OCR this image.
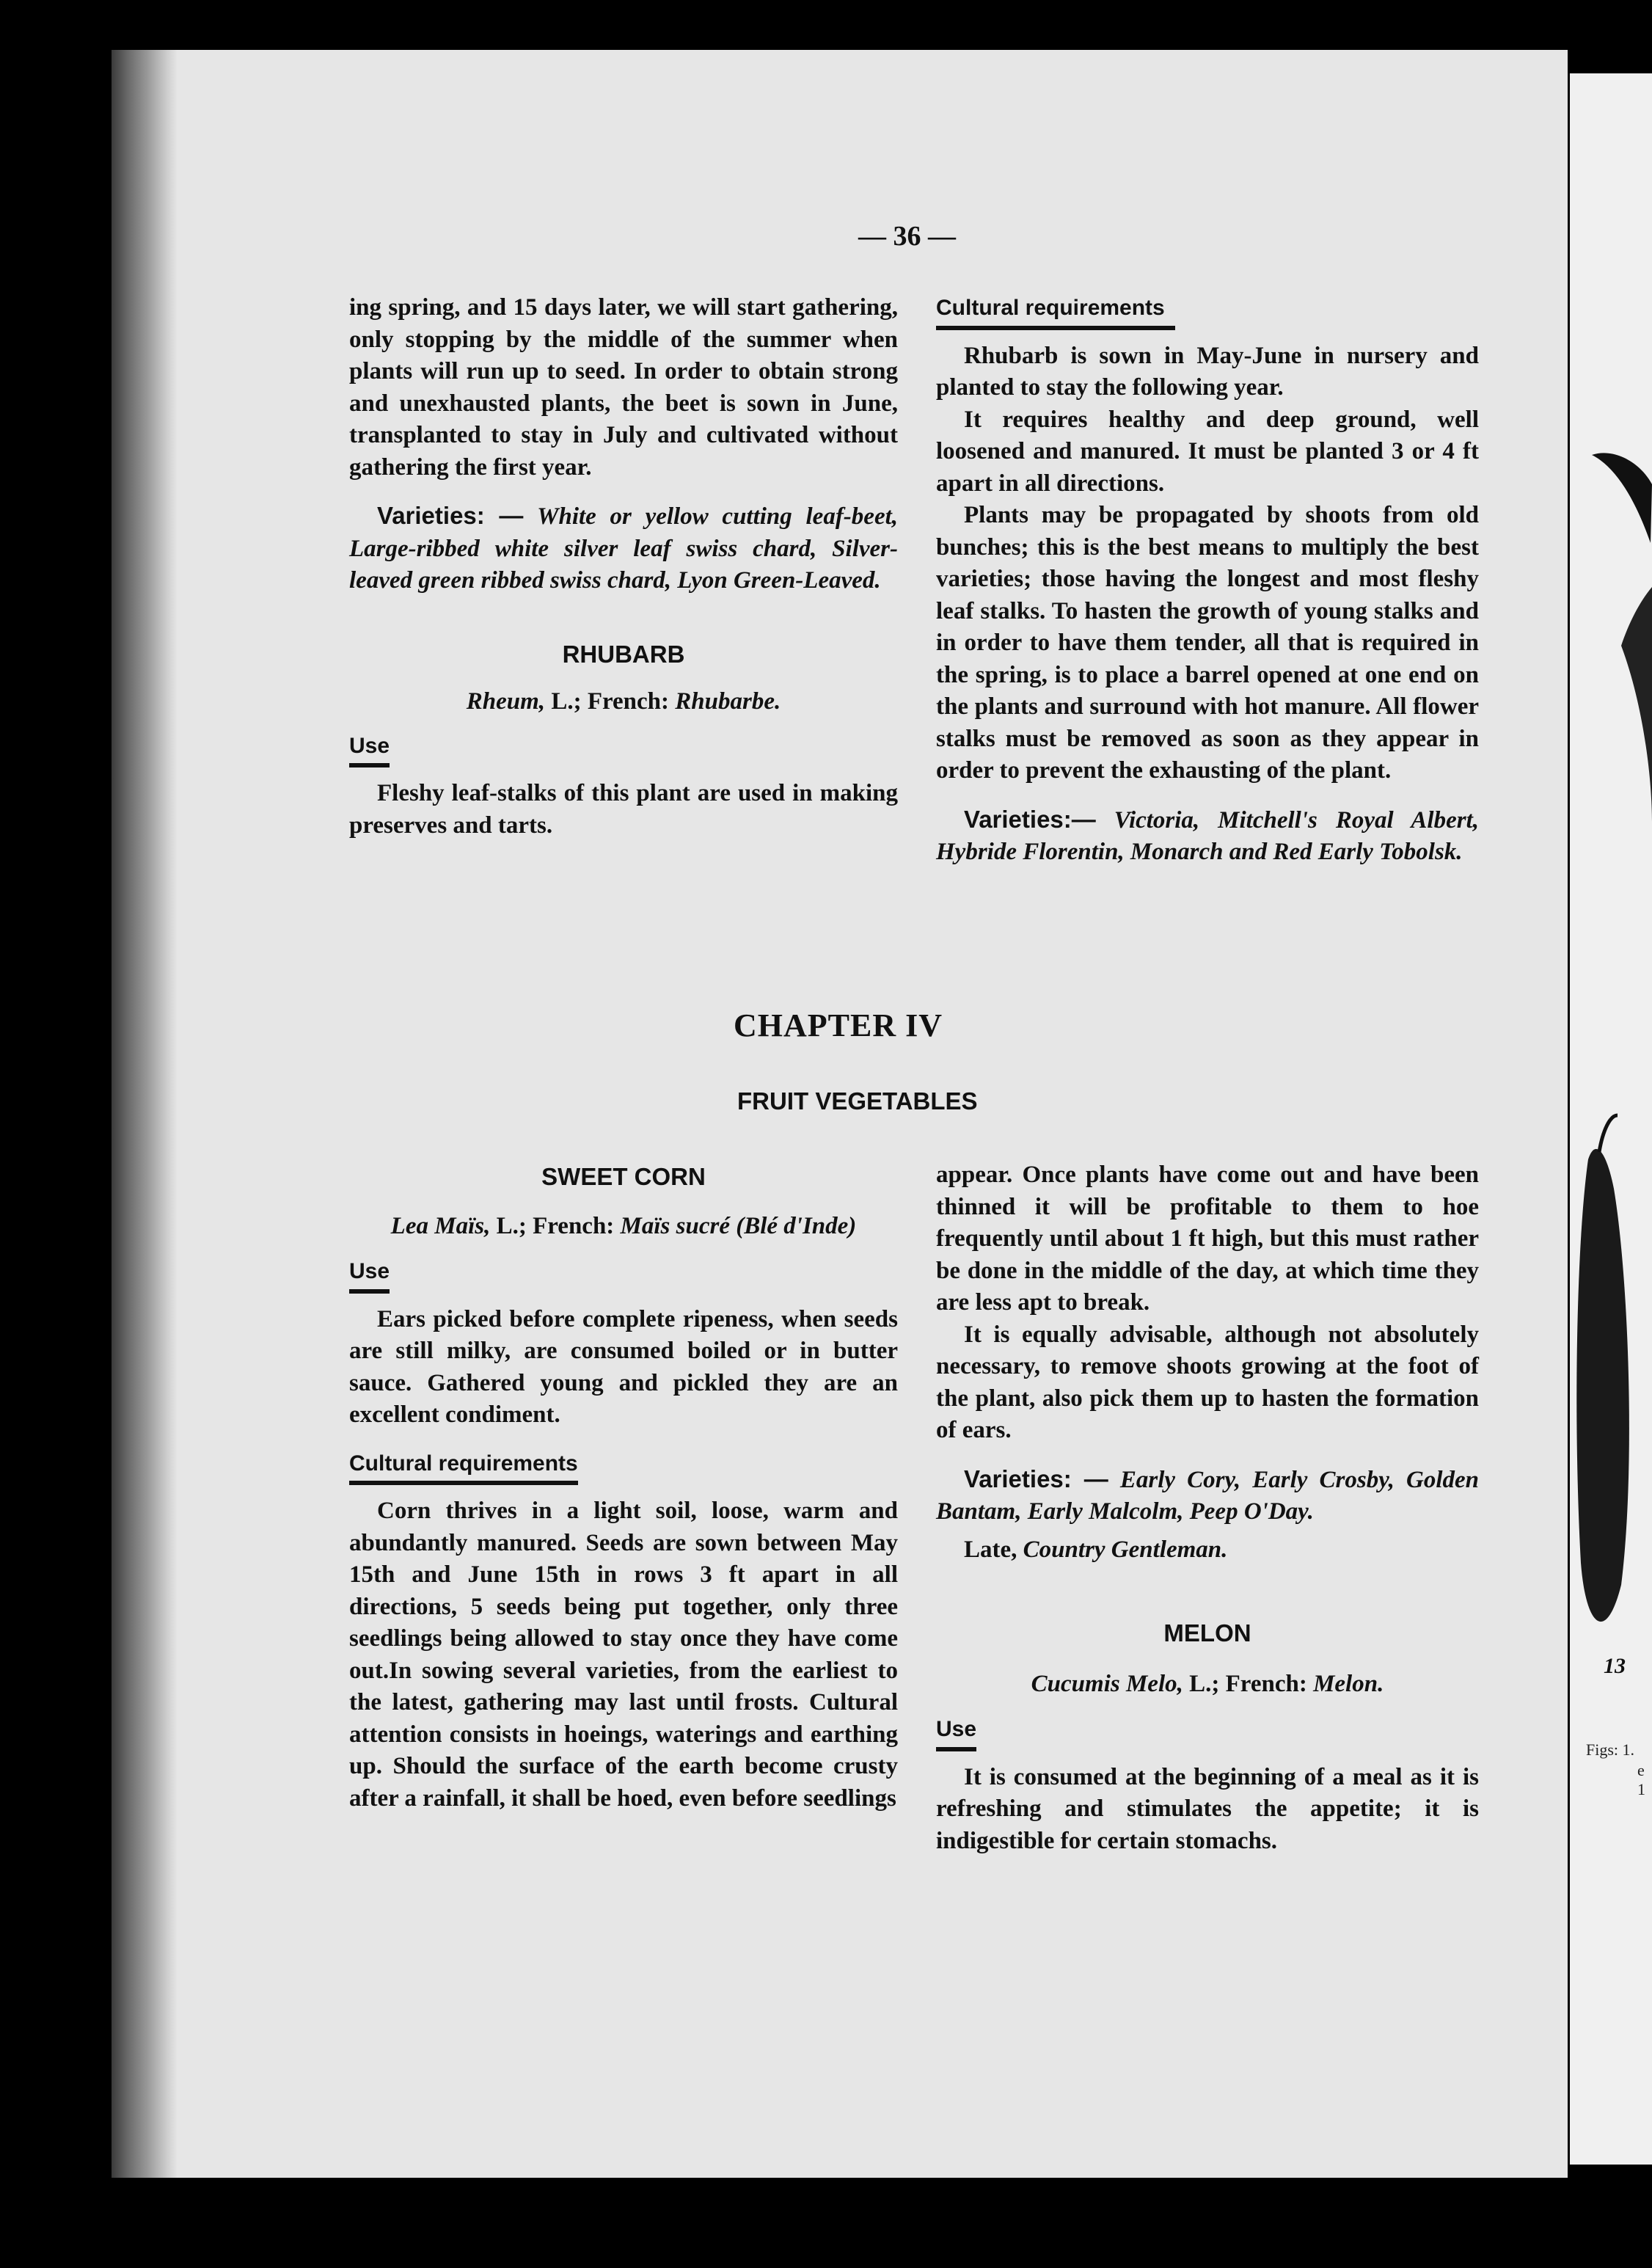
13
Figs: 1.
e
1
— 36 —

ing spring, and 15 days later, we will start gathering, only stopping by the middle of the summer when plants will run up to seed. In order to obtain strong and unexhausted plants, the beet is sown in June, transplanted to stay in July and cultivated without gathering the first year.

Varieties: — White or yellow cutting leaf-beet, Large-ribbed white silver leaf swiss chard, Silver-leaved green ribbed swiss chard, Lyon Green-Leaved.

RHUBARB
Rheum, L.; French: Rhubarbe.
Use

Fleshy leaf-stalks of this plant are used in making preserves and tarts.

Cultural requirements

Rhubarb is sown in May-June in nursery and planted to stay the following year.

It requires healthy and deep ground, well loosened and manured. It must be planted 3 or 4 ft apart in all directions.

Plants may be propagated by shoots from old bunches; this is the best means to multiply the best varieties; those having the longest and most fleshy leaf stalks. To hasten the growth of young stalks and in order to have them tender, all that is required in the spring, is to place a barrel opened at one end on the plants and surround with hot manure. All flower stalks must be removed as soon as they appear in order to prevent the exhausting of the plant.

Varieties:— Victoria, Mitchell's Royal Albert, Hybride Florentin, Monarch and Red Early Tobolsk.

CHAPTER IV
FRUIT VEGETABLES
SWEET CORN
Lea Maïs, L.; French: Maïs sucré (Blé d'Inde)
Use

Ears picked before complete ripeness, when seeds are still milky, are consumed boiled or in butter sauce. Gathered young and pickled they are an excellent condiment.

Cultural requirements

Corn thrives in a light soil, loose, warm and abundantly manured. Seeds are sown between May 15th and June 15th in rows 3 ft apart in all directions, 5 seeds being put together, only three seedlings being allowed to stay once they have come out.In sowing several varieties, from the earliest to the latest, gathering may last until frosts. Cultural attention consists in hoeings, waterings and earthing up. Should the surface of the earth become crusty after a rainfall, it shall be hoed, even before seedlings

appear. Once plants have come out and have been thinned it will be profitable to them to hoe frequently until about 1 ft high, but this must rather be done in the middle of the day, at which time they are less apt to break.

It is equally advisable, although not absolutely necessary, to remove shoots growing at the foot of the plant, also pick them up to hasten the formation of ears.

Varieties: — Early Cory, Early Crosby, Golden Bantam, Early Malcolm, Peep O'Day.

Late, Country Gentleman.

MELON
Cucumis Melo, L.; French: Melon.
Use

It is consumed at the beginning of a meal as it is refreshing and stimulates the appetite; it is indigestible for certain stomachs.
